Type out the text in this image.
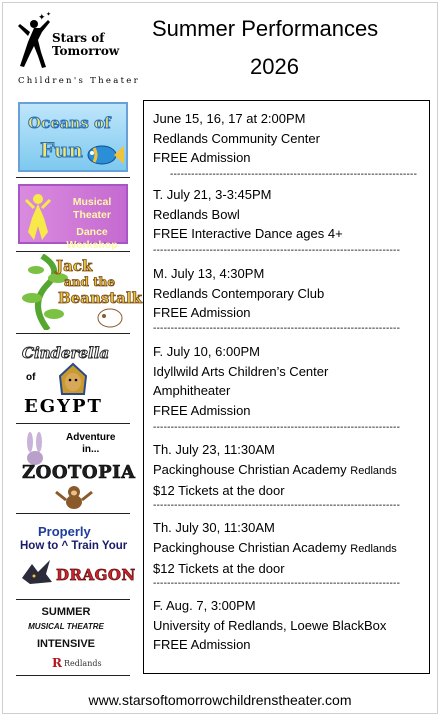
✦ ✦
Stars of
Tomorrow
Children's Theater
Summer Performances
2026
Oceans of
Fun
Musical Theater
Dance Workshop
Jack
and the
Beanstalk
Cinderella
of
EGYPT
Adventure
in...
ZOOTOPIA
Properly
How to ^ Train Your
DRAGON
SUMMER
MUSICAL THEATRE
INTENSIVE
R Redlands
June 15, 16, 17 at 2:00PM
Redlands Community Center
FREE Admission
----------------------------------------------------------------------
T. July 21, 3-3:45PM
Redlands Bowl
FREE Interactive Dance ages 4+
----------------------------------------------------------------------
M. July 13, 4:30PM
Redlands Contemporary Club
FREE Admission
----------------------------------------------------------------------
F. July 10, 6:00PM
Idyllwild Arts Children’s Center
Amphitheater
FREE Admission
----------------------------------------------------------------------
Th. July 23, 11:30AM
Packinghouse Christian Academy Redlands
$12 Tickets at the door
----------------------------------------------------------------------
Th. July 30, 11:30AM
Packinghouse Christian Academy Redlands
$12 Tickets at the door
----------------------------------------------------------------------
F. Aug. 7, 3:00PM
University of Redlands, Loewe BlackBox
FREE Admission
www.starsoftomorrowchildrenstheater.com
